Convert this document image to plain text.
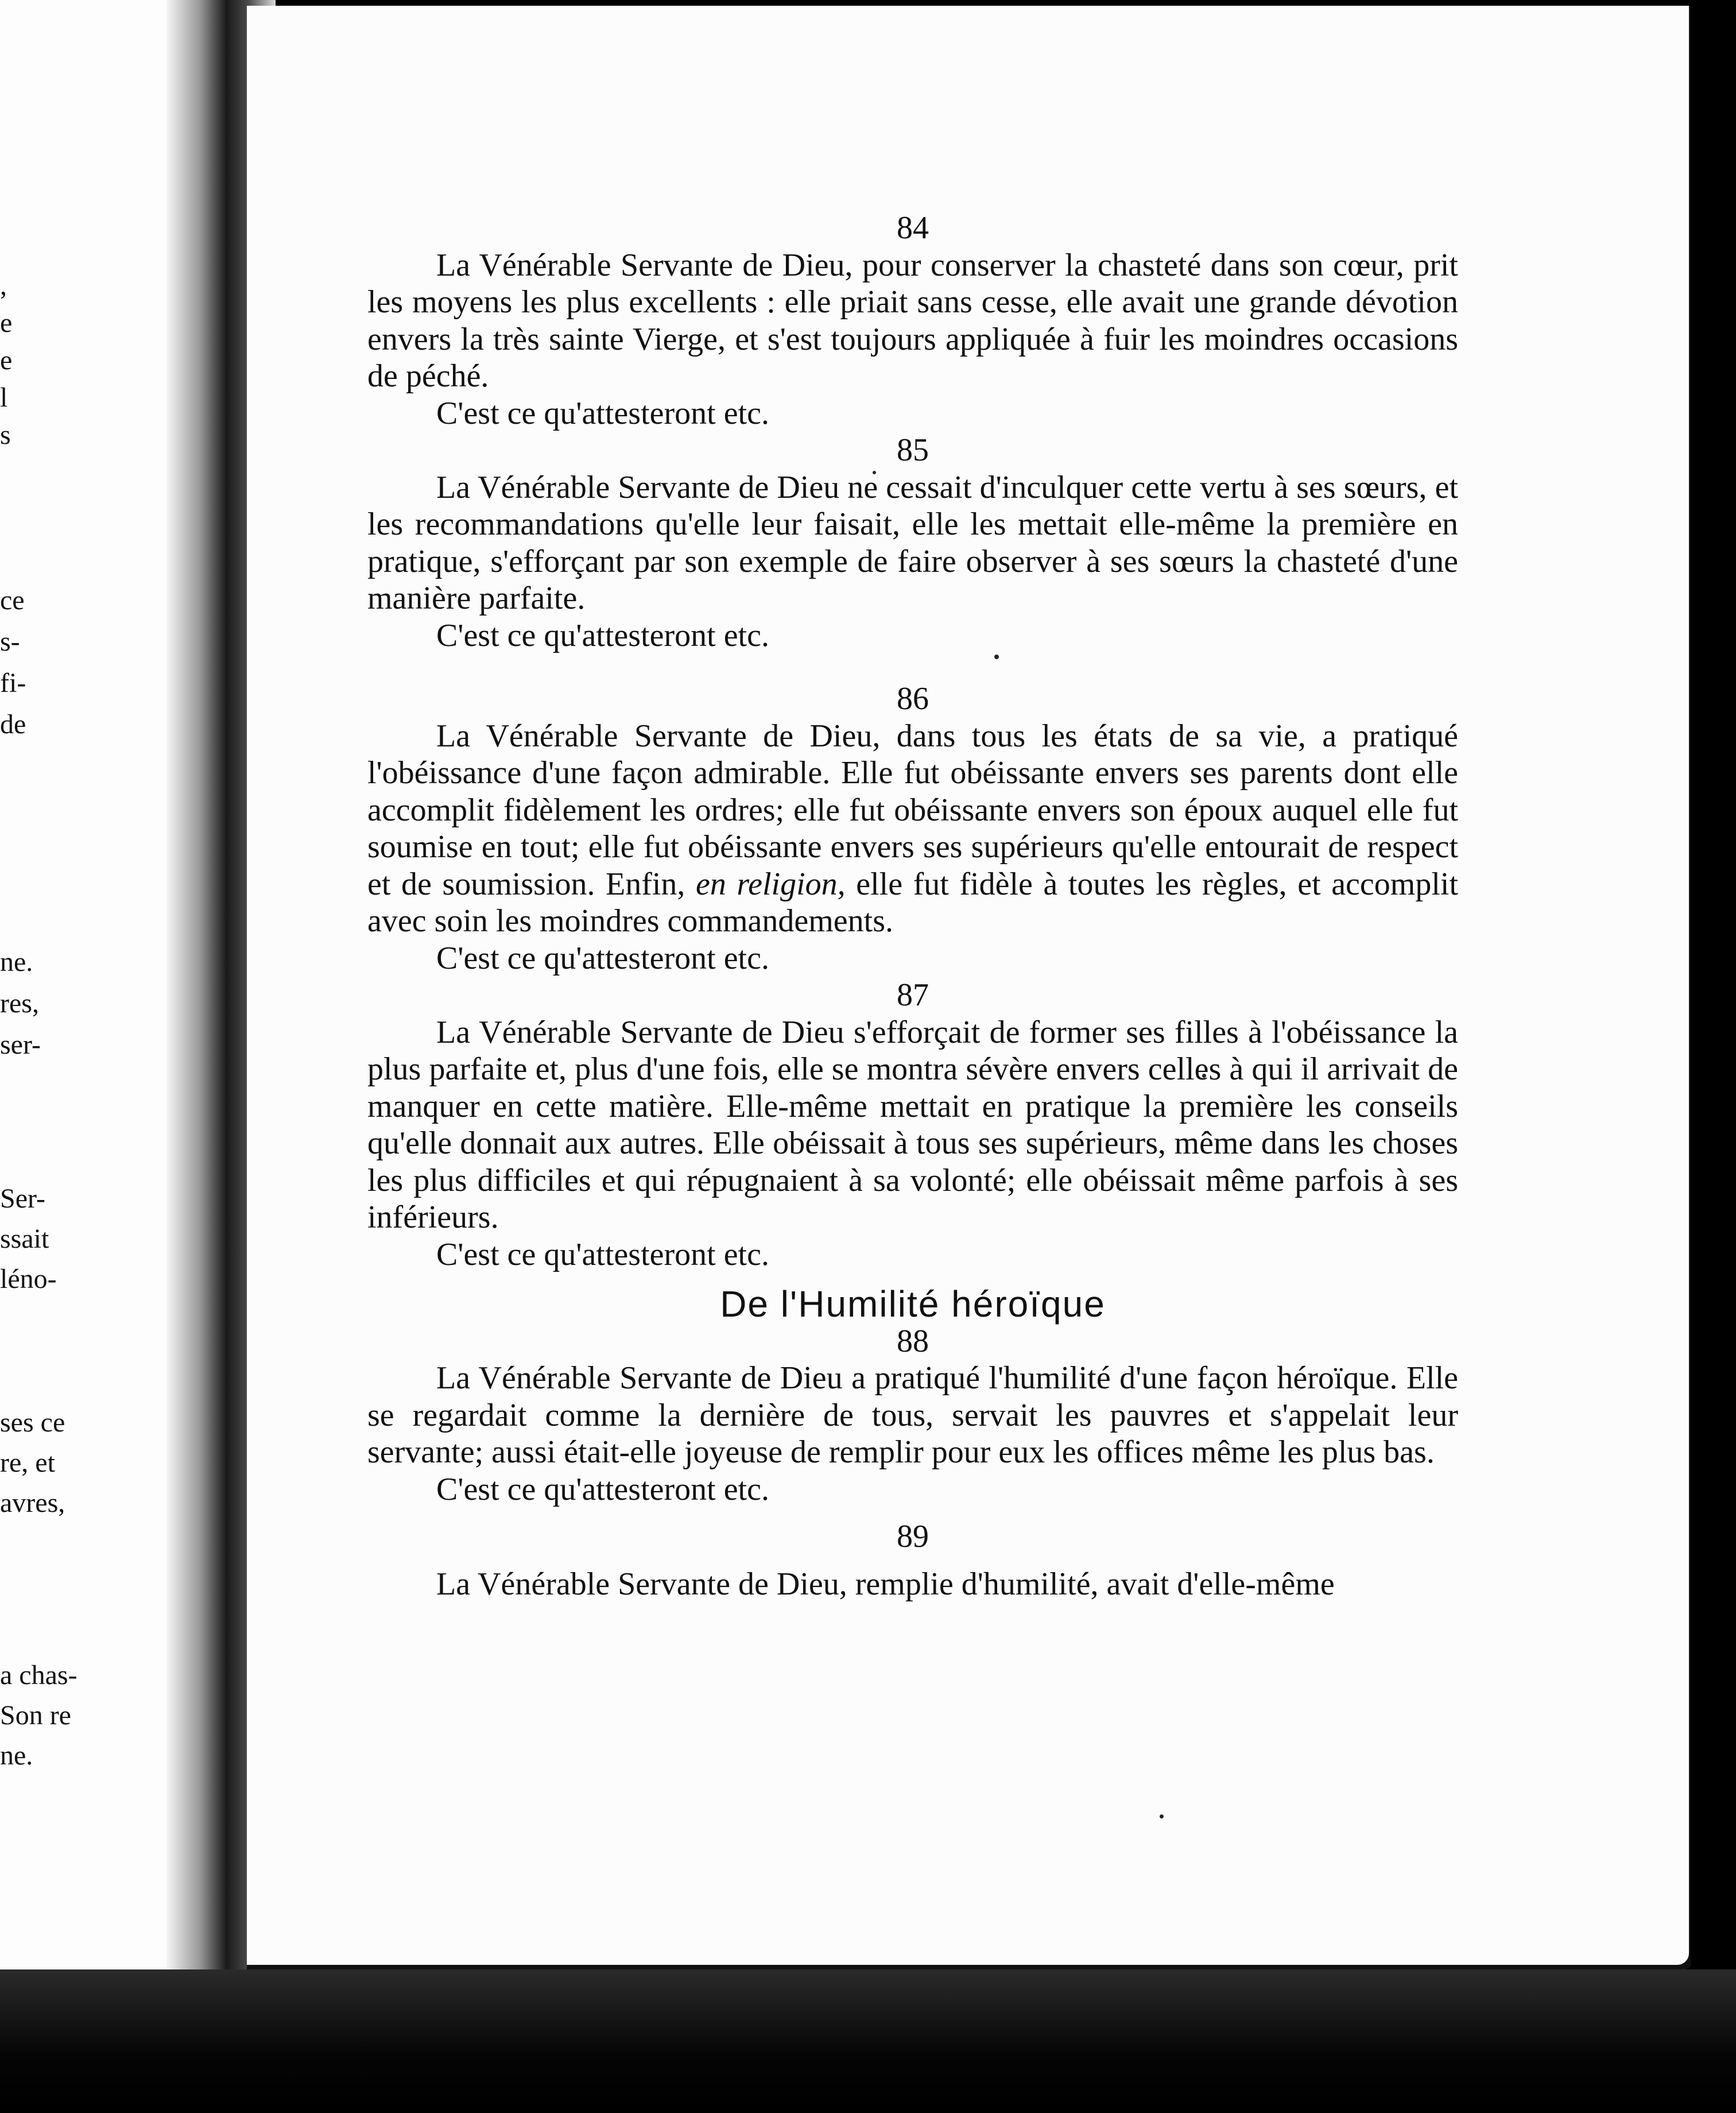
,
e
e
l
s
ce
s-
fi-
de
ne.
res,
ser-
Ser-
ssait
léno-
ses ce
re, et
avres,
a chas-
Son re
ne.
84

La Vénérable Servante de Dieu, pour conserver la chasteté dans son cœur, prit les moyens les plus excellents : elle priait sans cesse, elle avait une grande dévotion envers la très sainte Vierge, et s'est toujours appliquée à fuir les moindres occasions de péché.

C'est ce qu'attesteront etc.

85

La Vénérable Servante de Dieu ne cessait d'inculquer cette vertu à ses sœurs, et les recommandations qu'elle leur faisait, elle les mettait elle-même la première en pratique, s'efforçant par son exemple de faire observer à ses sœurs la chasteté d'une manière parfaite.

C'est ce qu'attesteront etc.

86

La Vénérable Servante de Dieu, dans tous les états de sa vie, a pratiqué l'obéissance d'une façon admirable. Elle fut obéissante envers ses parents dont elle accomplit fidèlement les ordres; elle fut obéissante envers son époux auquel elle fut soumise en tout; elle fut obéissante envers ses supérieurs qu'elle entourait de respect et de soumission. Enfin, en religion, elle fut fidèle à toutes les règles, et accomplit avec soin les moindres commandements.

C'est ce qu'attesteront etc.

87

La Vénérable Servante de Dieu s'efforçait de former ses filles à l'obéissance la plus parfaite et, plus d'une fois, elle se montra sévère envers celles à qui il arrivait de manquer en cette matière. Elle-même mettait en pratique la première les conseils qu'elle donnait aux autres. Elle obéissait à tous ses supérieurs, même dans les choses les plus difficiles et qui répugnaient à sa volonté; elle obéissait même parfois à ses inférieurs.

C'est ce qu'attesteront etc.

De l'Humilité héroïque
88

La Vénérable Servante de Dieu a pratiqué l'humilité d'une façon héroïque. Elle se regardait comme la dernière de tous, servait les pauvres et s'appelait leur servante; aussi était-elle joyeuse de remplir pour eux les offices même les plus bas.

C'est ce qu'attesteront etc.

89

La Vénérable Servante de Dieu, remplie d'humilité, avait d'elle-même
